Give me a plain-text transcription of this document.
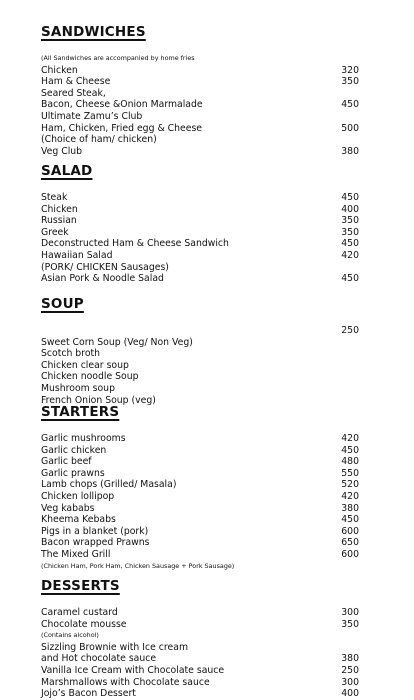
SANDWICHES
(All Sandwiches are accompanied by home fries
Chicken	320
Ham & Cheese	350
Seared Steak,
Bacon, Cheese &Onion Marmalade	450
Ultimate Zamu’s Club
Ham, Chicken, Fried egg & Cheese	500
(Choice of ham/ chicken)
Veg Club	380
SALAD
Steak	450
Chicken	400
Russian	350
Greek	350
Deconstructed Ham & Cheese Sandwich	450
Hawaiian Salad	420
(PORK/ CHICKEN Sausages)
Asian Pork & Noodle Salad	450
SOUP
250
Sweet Corn Soup (Veg/ Non Veg)
Scotch broth
Chicken clear soup
Chicken noodle Soup
Mushroom soup
French Onion Soup (veg)
STARTERS
Garlic mushrooms	420
Garlic chicken	450
Garlic beef	480
Garlic prawns	550
Lamb chops (Grilled/ Masala)	520
Chicken lollipop	420
Veg kababs	380
Kheema Kebabs	450
Pigs in a blanket (pork)	600
Bacon wrapped Prawns	650
The Mixed Grill	600
(Chicken Ham, Pork Ham, Chicken Sausage + Pork Sausage)
DESSERTS
Caramel custard	300
Chocolate mousse	350
(Contains alcohol)
Sizzling Brownie with Ice cream
and Hot chocolate sauce	380
Vanilla Ice Cream with Chocolate sauce	250
Marshmallows with Chocolate sauce	300
Jojo’s Bacon Dessert	400
